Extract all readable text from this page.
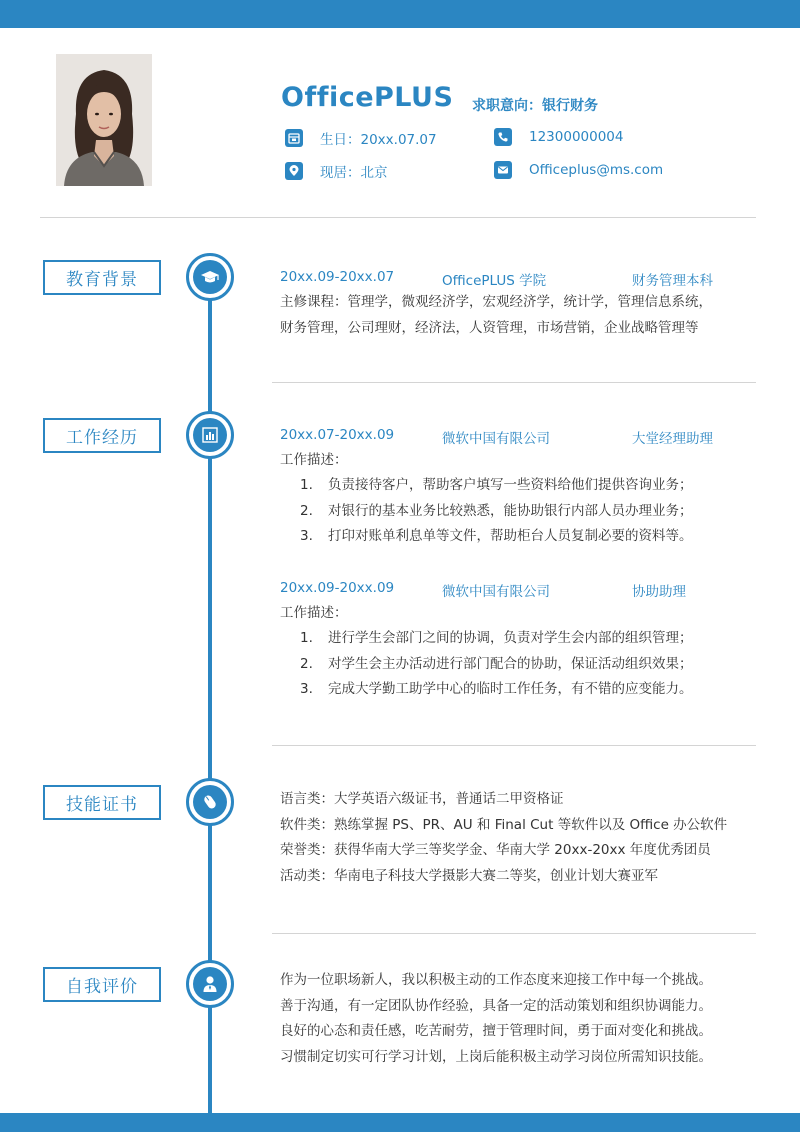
OfficePLUS 求职意向：银行财务
生日：20xx.07.07	12300000004
现居：北京	Officeplus@ms.com
教育背景	20xx.09-20xx.07	OfficePLUS 学院	财务管理本科
主修课程：管理学，微观经济学，宏观经济学，统计学，管理信息系统，
财务管理，公司理财，经济法，人资管理，市场营销，企业战略管理等
工作经历	20xx.07-20xx.09	微软中国有限公司	大堂经理助理
工作描述：
1.	负责接待客户，帮助客户填写一些资料给他们提供咨询业务；
2.	对银行的基本业务比较熟悉，能协助银行内部人员办理业务；
3.	打印对账单利息单等文件，帮助柜台人员复制必要的资料等。
20xx.09-20xx.09	微软中国有限公司	协助助理
工作描述：
1.	进行学生会部门之间的协调，负责对学生会内部的组织管理；
2.	对学生会主办活动进行部门配合的协助，保证活动组织效果；
3.	完成大学勤工助学中心的临时工作任务，有不错的应变能力。
技能证书	语言类：大学英语六级证书，普通话二甲资格证
软件类：熟练掌握 PS、PR、AU 和 Final Cut 等软件以及 Office 办公软件
荣誉类：获得华南大学三等奖学金、华南大学 20xx-20xx 年度优秀团员
活动类：华南电子科技大学摄影大赛二等奖，创业计划大赛亚军
自我评价	作为一位职场新人，我以积极主动的工作态度来迎接工作中每一个挑战。
善于沟通，有一定团队协作经验，具备一定的活动策划和组织协调能力。
良好的心态和责任感，吃苦耐劳，擅于管理时间，勇于面对变化和挑战。
习惯制定切实可行学习计划，上岗后能积极主动学习岗位所需知识技能。
